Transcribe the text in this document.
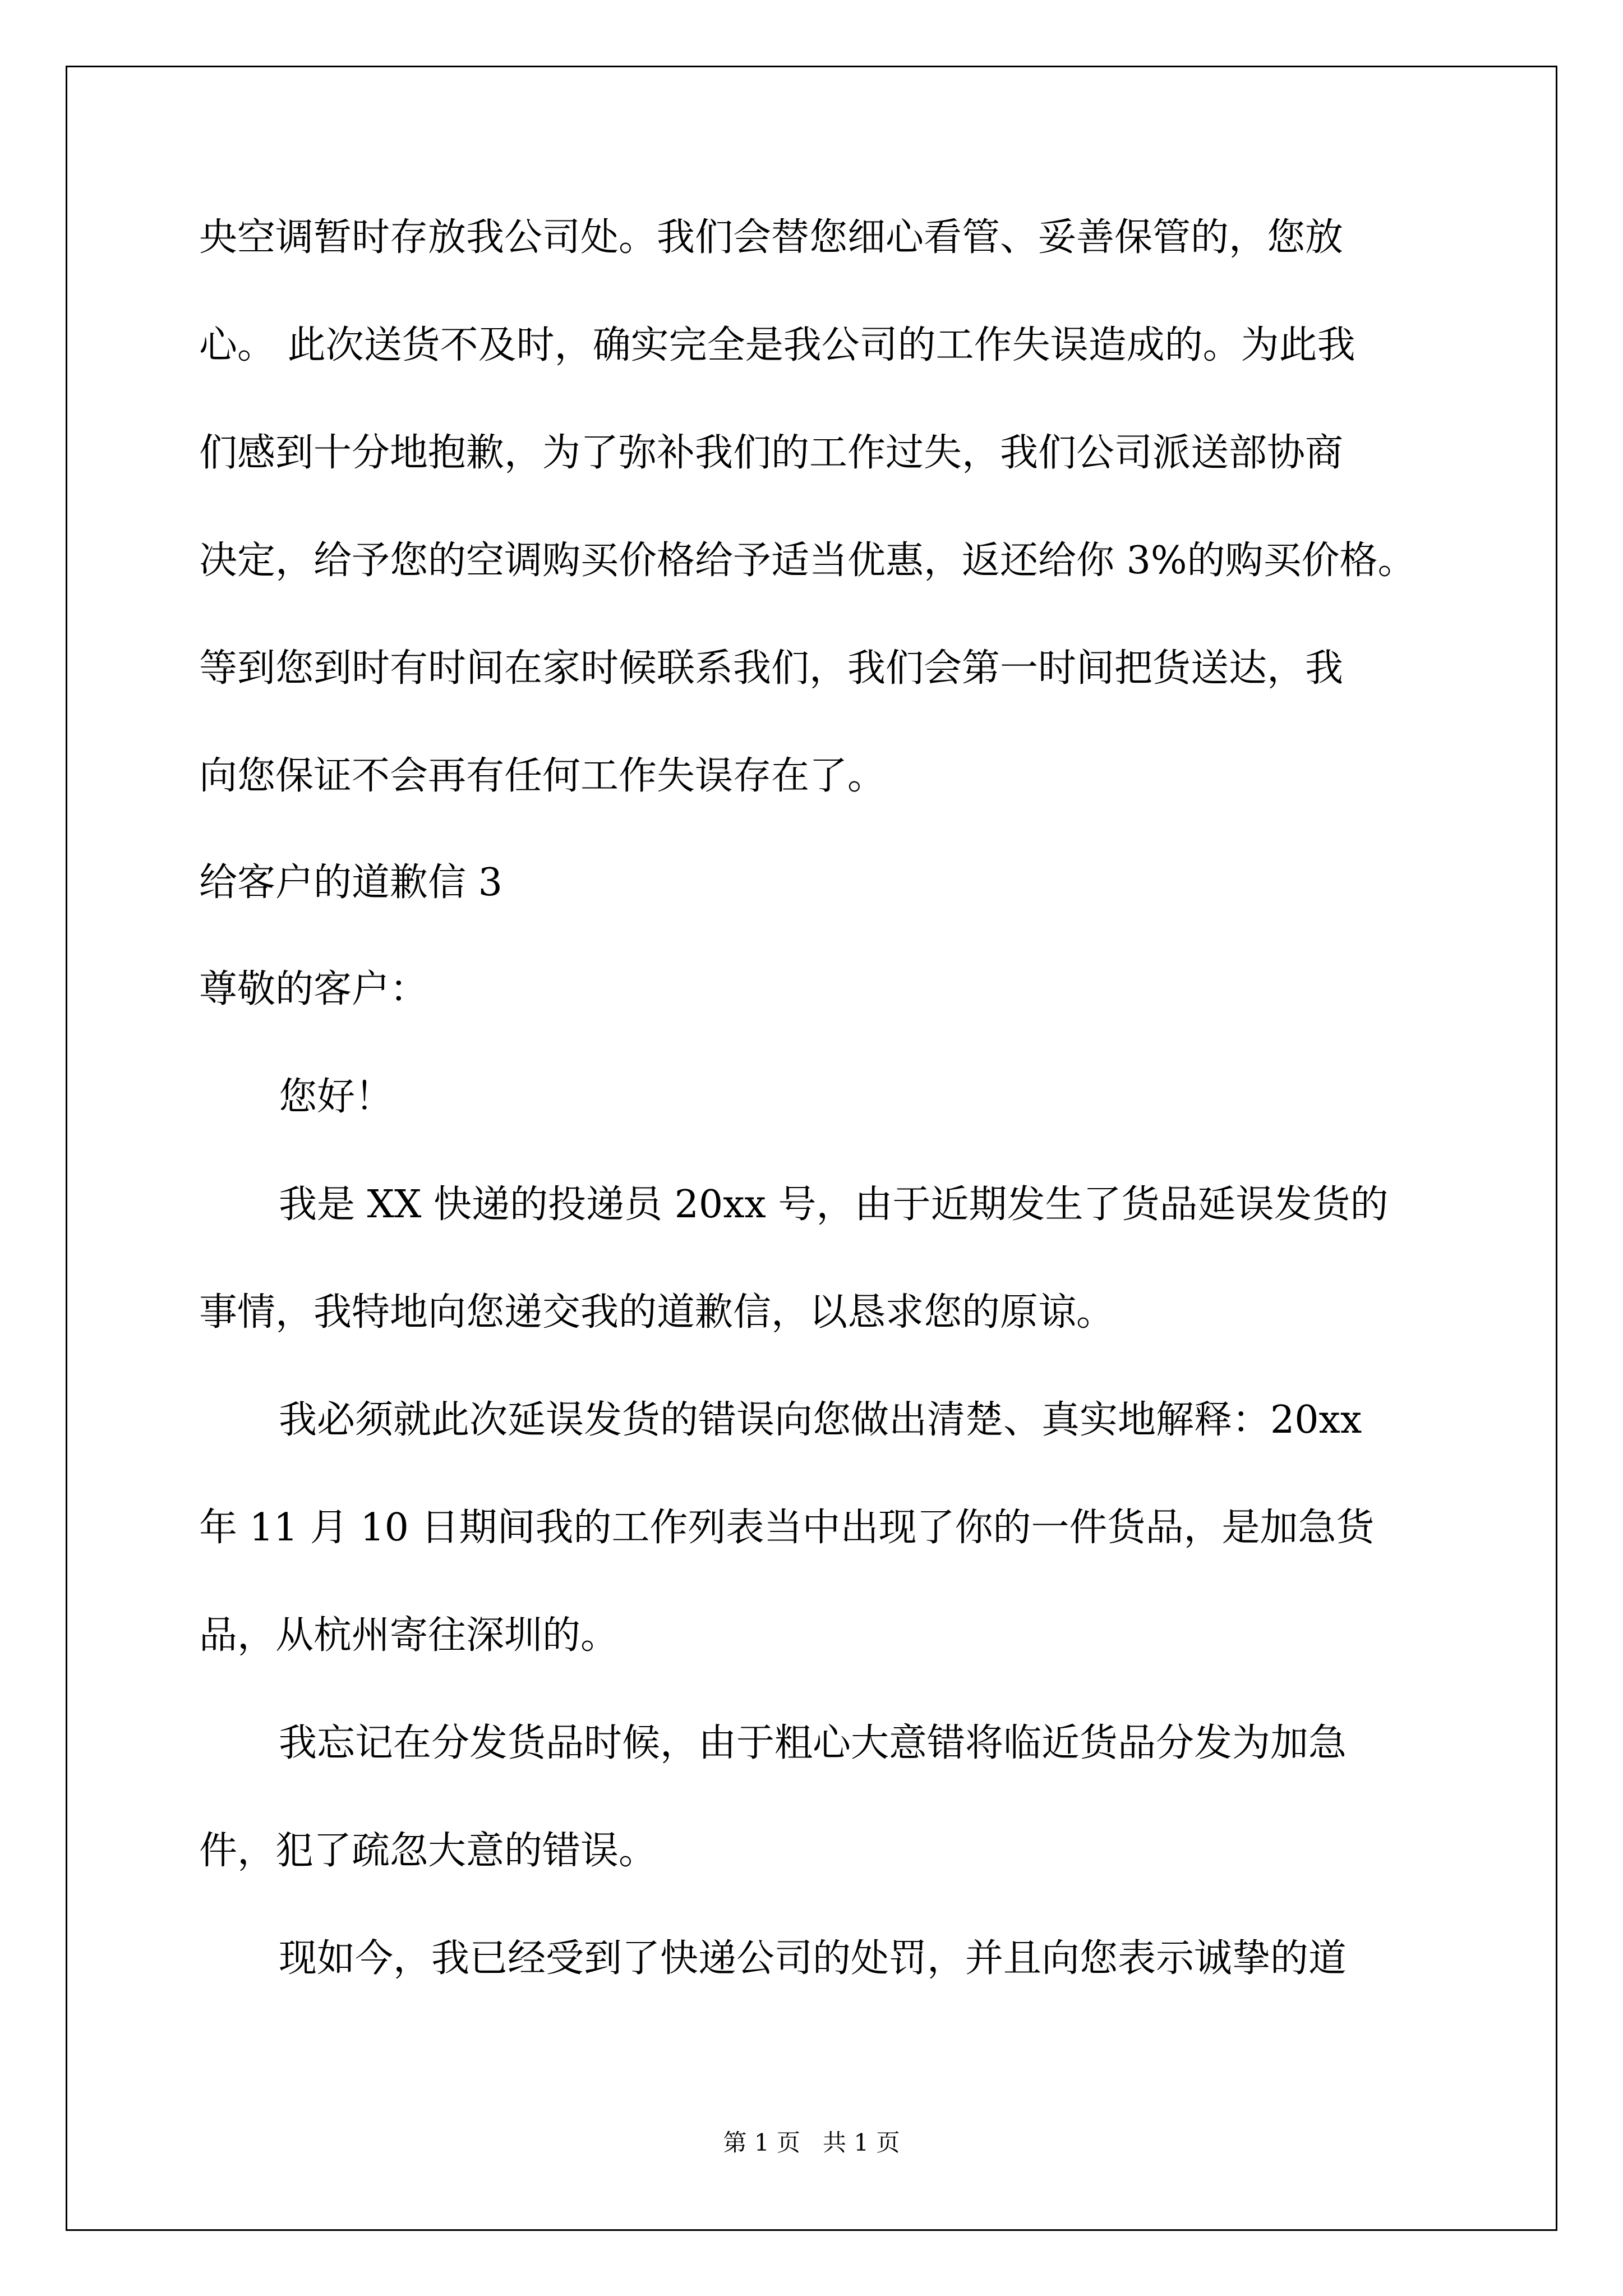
央空调暂时存放我公司处。我们会替您细心看管、妥善保管的，您放
心。 此次送货不及时，确实完全是我公司的工作失误造成的。为此我
们感到十分地抱歉，为了弥补我们的工作过失，我们公司派送部协商
决定，给予您的空调购买价格给予适当优惠，返还给你 3%的购买价格。
等到您到时有时间在家时候联系我们，我们会第一时间把货送达，我
向您保证不会再有任何工作失误存在了。
给客户的道歉信 3
尊敬的客户：
您好！
我是 XX 快递的投递员 20xx 号，由于近期发生了货品延误发货的
事情，我特地向您递交我的道歉信，以恳求您的原谅。
我必须就此次延误发货的错误向您做出清楚、真实地解释：20xx
年 11 月 10 日期间我的工作列表当中出现了你的一件货品，是加急货
品，从杭州寄往深圳的。
我忘记在分发货品时候，由于粗心大意错将临近货品分发为加急
件，犯了疏忽大意的错误。
现如今，我已经受到了快递公司的处罚，并且向您表示诚挚的道
第 1 页   共 1 页
